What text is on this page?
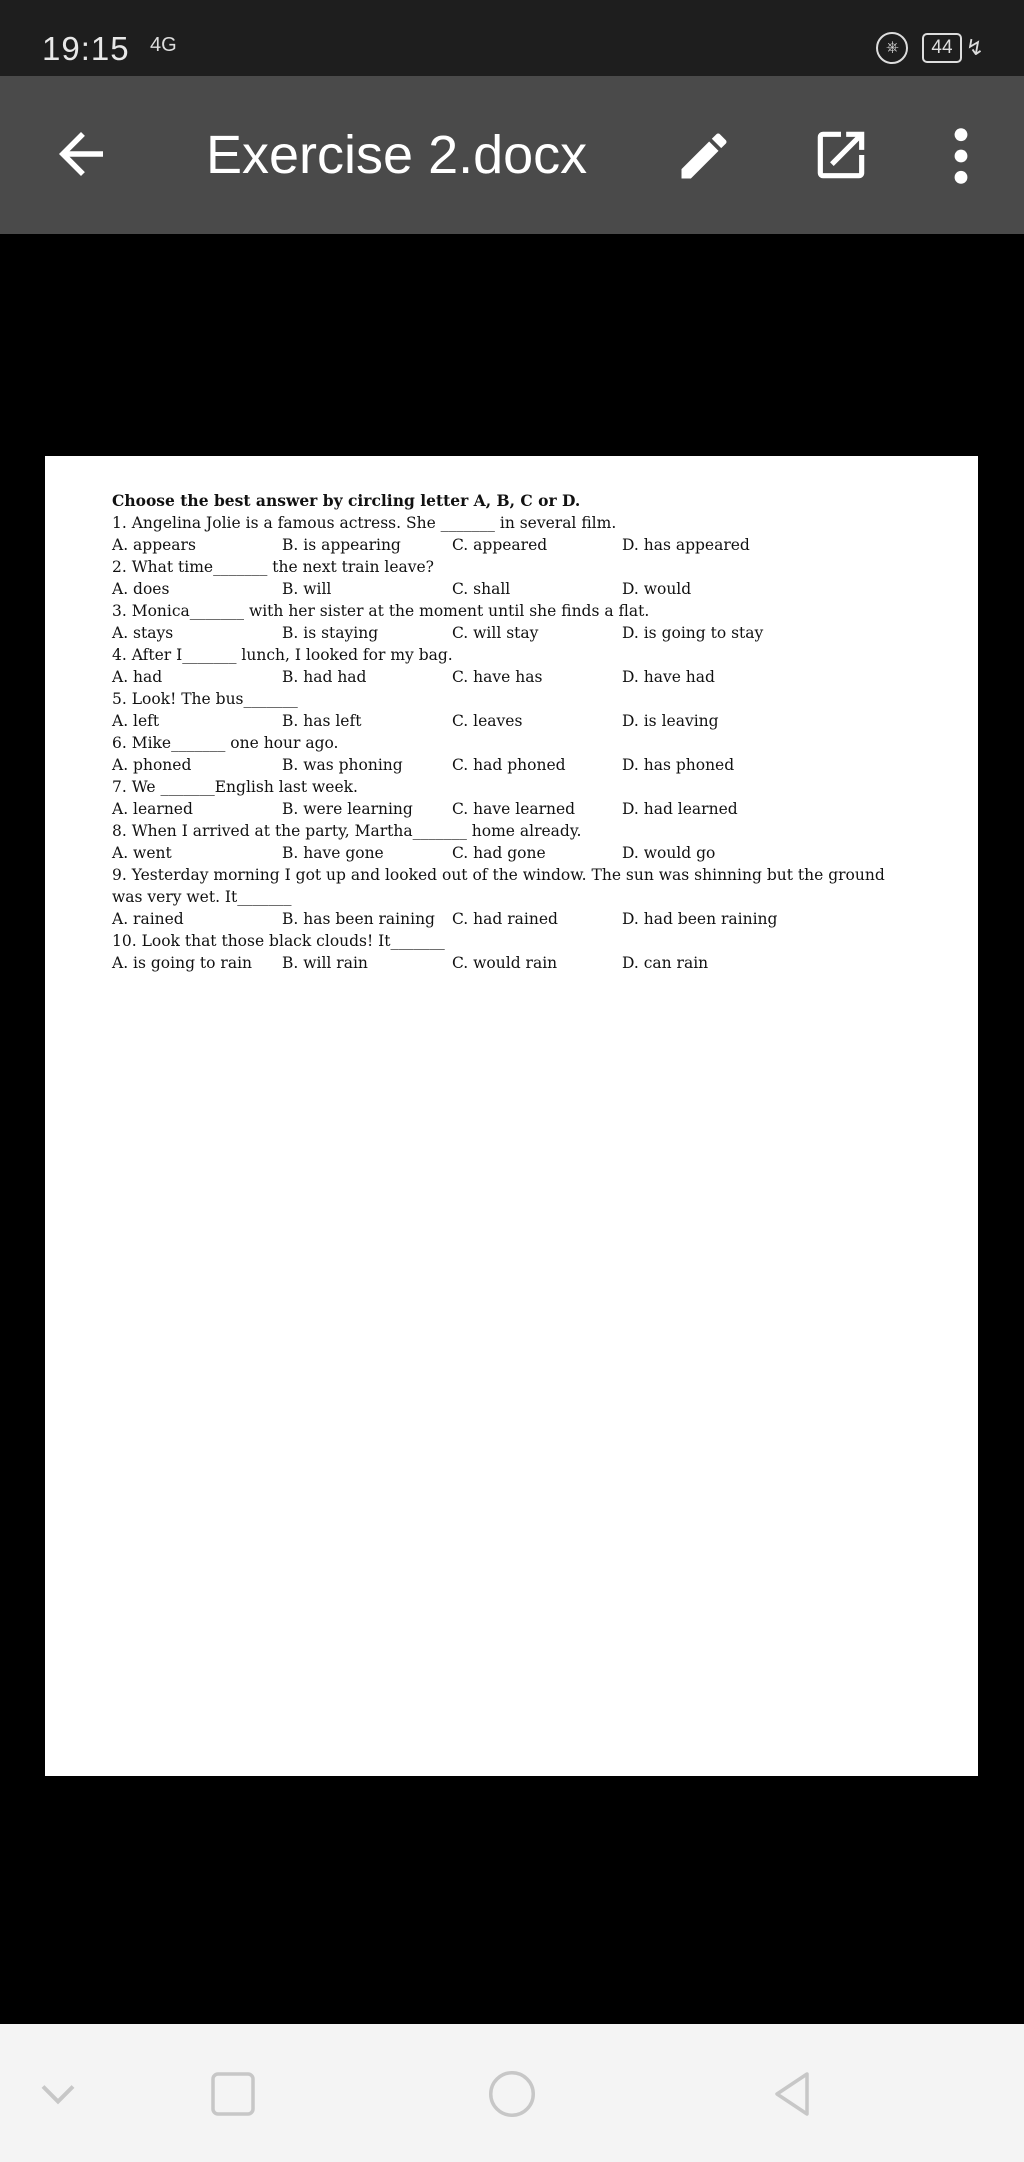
19:15 4G	⎈	44 ↯
Exercise 2.docx
Choose the best answer by circling letter A, B, C or D.
1. Angelina Jolie is a famous actress. She _______ in several film.
A. appears	B. is appearing	C. appeared	D. has appeared
2. What time_______ the next train leave?
A. does	B. will	C. shall	D. would
3. Monica_______ with her sister at the moment until she finds a flat.
A. stays	B. is staying	C. will stay	D. is going to stay
4. After I_______ lunch, I looked for my bag.
A. had	B. had had	C. have has	D. have had
5. Look! The bus_______
A. left	B. has left	C. leaves	D. is leaving
6. Mike_______ one hour ago.
A. phoned	B. was phoning	C. had phoned	D. has phoned
7. We _______English last week.
A. learned	B. were learning	C. have learned	D. had learned
8. When I arrived at the party, Martha_______ home already.
A. went	B. have gone	C. had gone	D. would go
9. Yesterday morning I got up and looked out of the window. The sun was shinning but the ground was very wet. It_______
A. rained	B. has been raining	C. had rained	D. had been raining
10. Look that those black clouds! It_______
A. is going to rain	B. will rain	C. would rain	D. can rain
